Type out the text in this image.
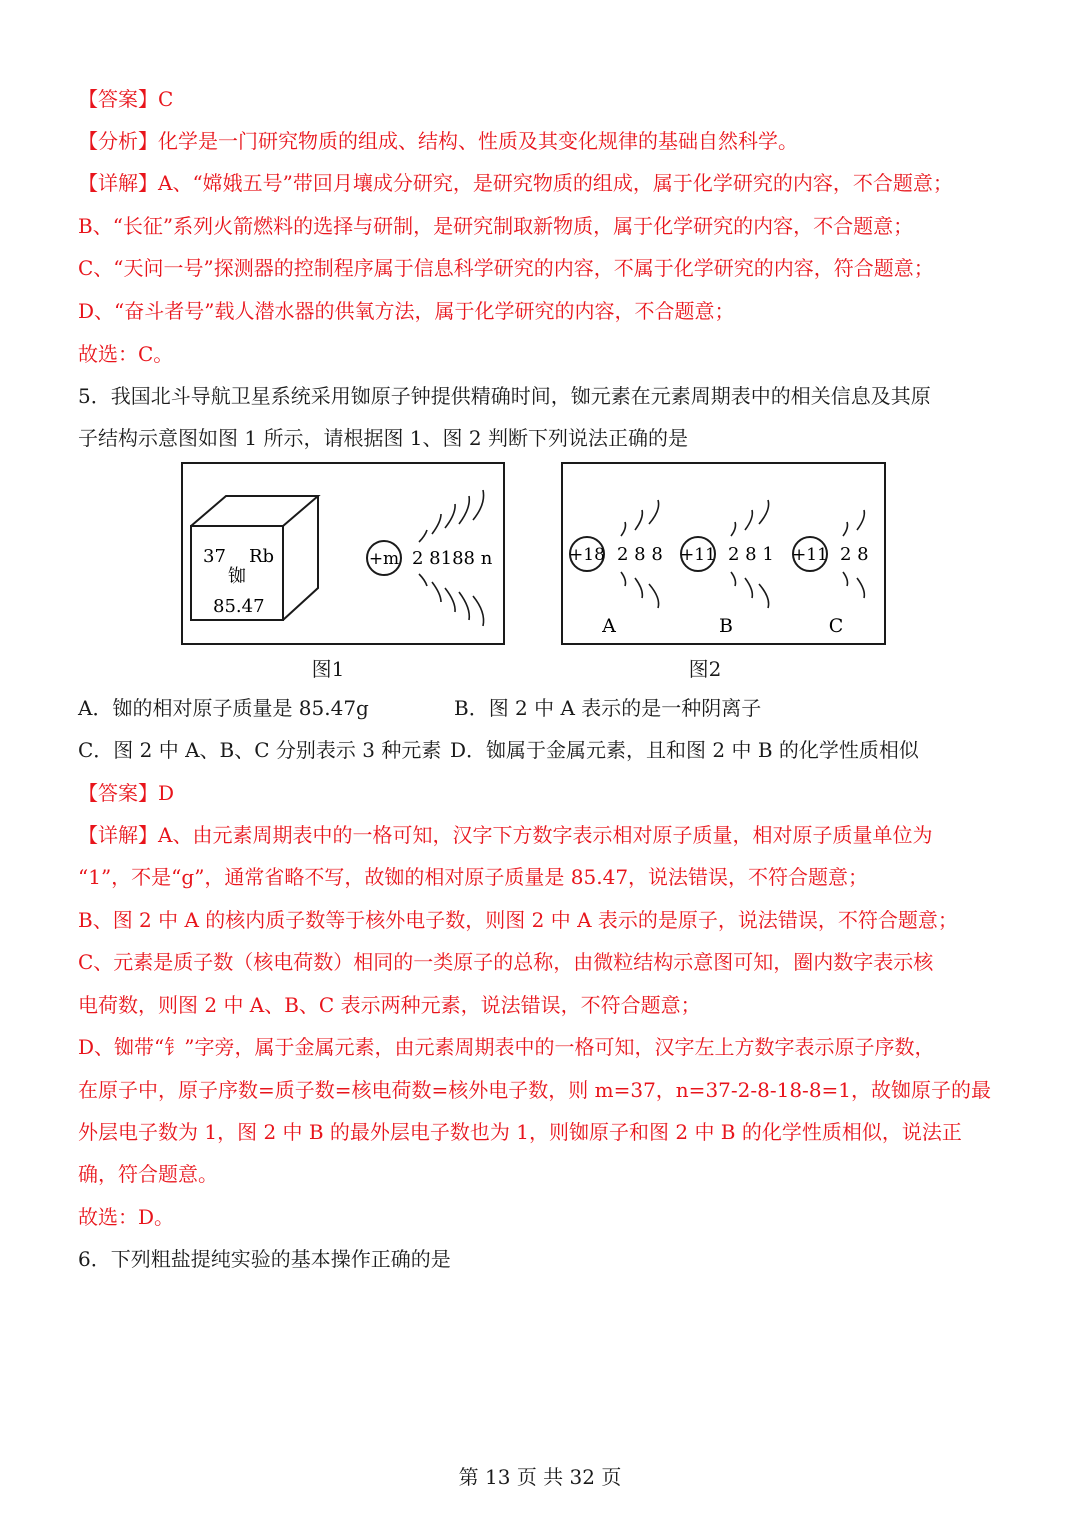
【答案】C
【分析】化学是一门研究物质的组成、结构、性质及其变化规律的基础自然科学。
【详解】A、“嫦娥五号”带回月壤成分研究，是研究物质的组成，属于化学研究的内容，不合题意；
B、“长征”系列火箭燃料的选择与研制，是研究制取新物质，属于化学研究的内容，不合题意；
C、“天问一号”探测器的控制程序属于信息科学研究的内容，不属于化学研究的内容，符合题意；
D、“奋斗者号”载人潜水器的供氧方法，属于化学研究的内容，不合题意；
故选：C。
5．我国北斗导航卫星系统采用铷原子钟提供精确时间，铷元素在元素周期表中的相关信息及其原
子结构示意图如图 1 所示，请根据图 1、图 2 判断下列说法正确的是
37 Rb
铷
85.47
+m 2 8188 n
图1
+18 2 8 8
A
+11 2 8 1
B
+11 2 8
C
图2
A．铷的相对原子质量是 85.47g	B．图 2 中 A 表示的是一种阴离子
C．图 2 中 A、B、C 分别表示 3 种元素 D．铷属于金属元素，且和图 2 中 B 的化学性质相似
【答案】D
【详解】A、由元素周期表中的一格可知，汉字下方数字表示相对原子质量，相对原子质量单位为
“1”，不是“g”，通常省略不写，故铷的相对原子质量是 85.47，说法错误，不符合题意；
B、图 2 中 A 的核内质子数等于核外电子数，则图 2 中 A 表示的是原子，说法错误，不符合题意；
C、元素是质子数（核电荷数）相同的一类原子的总称，由微粒结构示意图可知，圈内数字表示核
电荷数，则图 2 中 A、B、C 表示两种元素，说法错误，不符合题意；
D、铷带“钅”字旁，属于金属元素，由元素周期表中的一格可知，汉字左上方数字表示原子序数，
在原子中，原子序数=质子数=核电荷数=核外电子数，则 m=37，n=37-2-8-18-8=1，故铷原子的最
外层电子数为 1，图 2 中 B 的最外层电子数也为 1，则铷原子和图 2 中 B 的化学性质相似，说法正
确，符合题意。
故选：D。
6．下列粗盐提纯实验的基本操作正确的是
第 13 页 共 32 页
